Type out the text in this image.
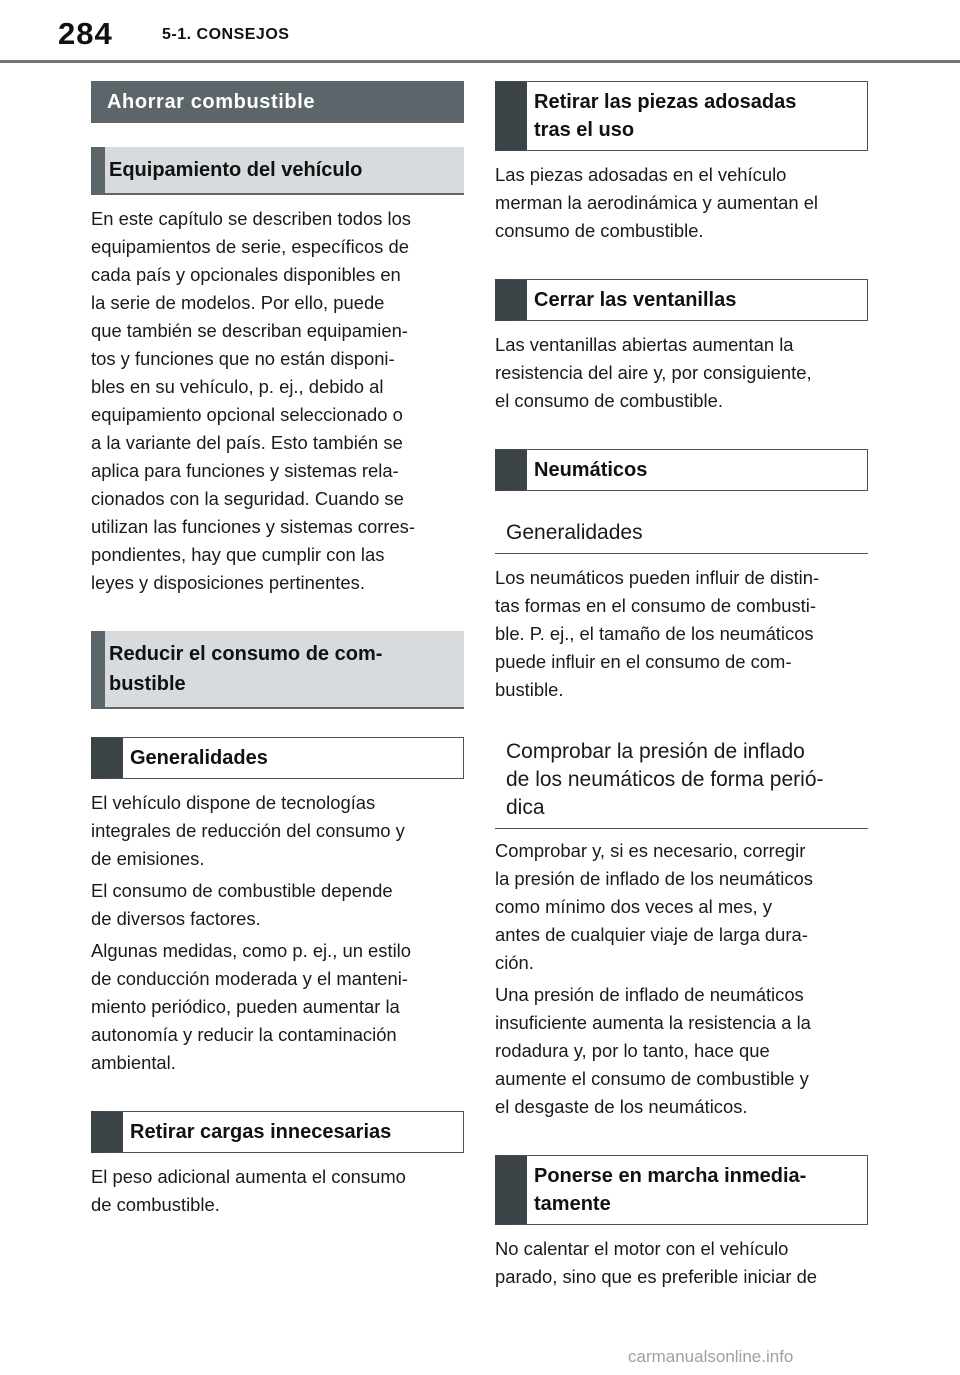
284	5-1. CONSEJOS
Ahorrar combustible
Equipamiento del vehículo

En este capítulo se describen todos los

equipamientos de serie, específicos de

cada país y opcionales disponibles en

la serie de modelos. Por ello, puede

que también se describan equipamien-

tos y funciones que no están disponi-

bles en su vehículo, p. ej., debido al

equipamiento opcional seleccionado o

a la variante del país. Esto también se

aplica para funciones y sistemas rela-

cionados con la seguridad. Cuando se

utilizan las funciones y sistemas corres-

pondientes, hay que cumplir con las

leyes y disposiciones pertinentes.

Reducir el consumo de com-
bustible
Generalidades

El vehículo dispone de tecnologías

integrales de reducción del consumo y

de emisiones.

El consumo de combustible depende

de diversos factores.

Algunas medidas, como p. ej., un estilo

de conducción moderada y el manteni-

miento periódico, pueden aumentar la

autonomía y reducir la contaminación

ambiental.

Retirar cargas innecesarias

El peso adicional aumenta el consumo

de combustible.

Retirar las piezas adosadas
tras el uso

Las piezas adosadas en el vehículo

merman la aerodinámica y aumentan el

consumo de combustible.

Cerrar las ventanillas

Las ventanillas abiertas aumentan la

resistencia del aire y, por consiguiente,

el consumo de combustible.

Neumáticos
Generalidades

Los neumáticos pueden influir de distin-

tas formas en el consumo de combusti-

ble. P. ej., el tamaño de los neumáticos

puede influir en el consumo de com-

bustible.

Comprobar la presión de inflado
de los neumáticos de forma perió-
dica

Comprobar y, si es necesario, corregir

la presión de inflado de los neumáticos

como mínimo dos veces al mes, y

antes de cualquier viaje de larga dura-

ción.

Una presión de inflado de neumáticos

insuficiente aumenta la resistencia a la

rodadura y, por lo tanto, hace que

aumente el consumo de combustible y

el desgaste de los neumáticos.

Ponerse en marcha inmedia-
tamente

No calentar el motor con el vehículo

parado, sino que es preferible iniciar de

carmanualsonline.info
